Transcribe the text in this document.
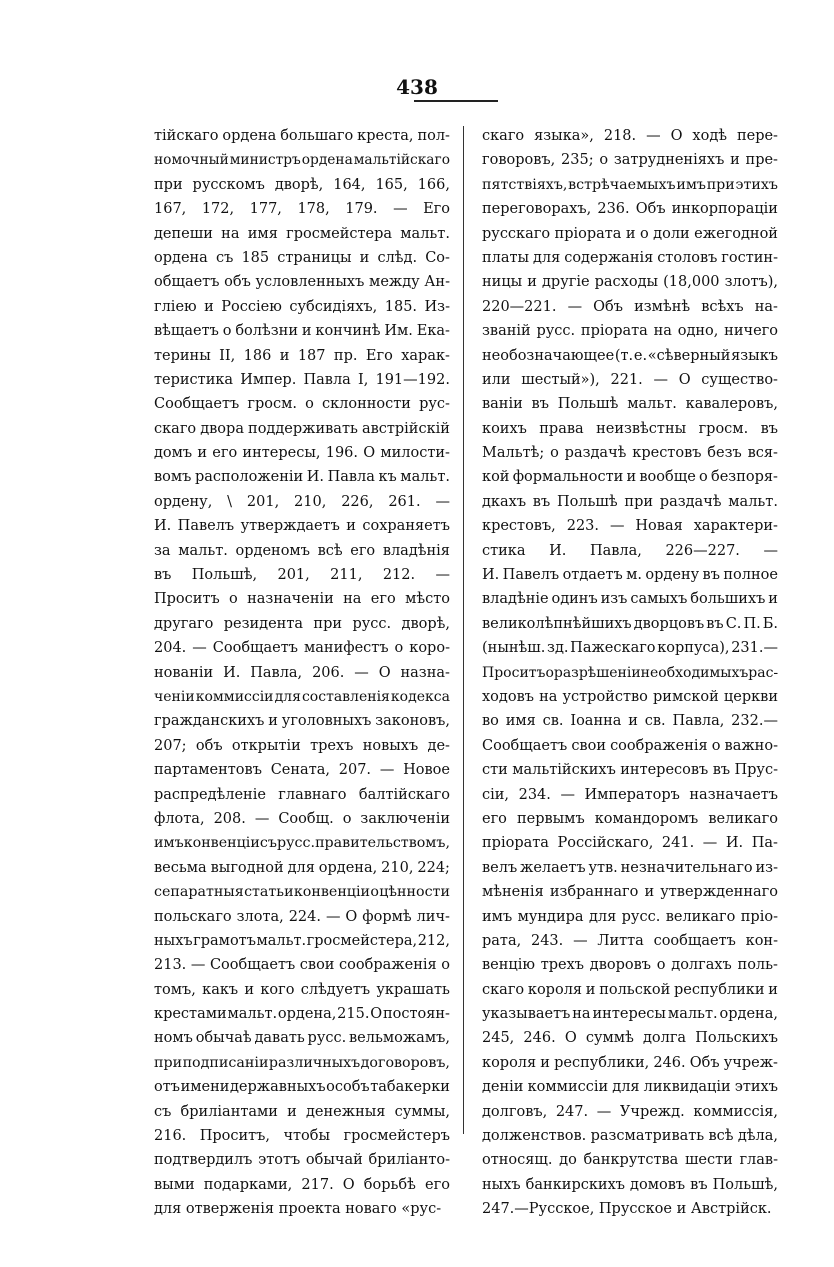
438
тійскаго ордена большаго креста, пол-
номочный министръ ордена мальтійскаго
при русскомъ дворѣ, 164, 165, 166,
167, 172, 177, 178, 179. — Его
депеши на имя гросмейстера мальт.
ордена съ 185 страницы и слѣд. Со-
общаетъ объ условленныхъ между Ан-
гліею и Россіею субсидіяхъ, 185. Из-
вѣщаетъ о болѣзни и кончинѣ Им. Ека-
терины II, 186 и 187 пр. Его харак-
теристика Импер. Павла I, 191—192.
Сообщаетъ гросм. о склонности рус-
скаго двора поддерживать австрійскій
домъ и его интересы, 196. О милости-
вомъ расположеніи И. Павла къ мальт.
ордену, \ 201, 210, 226, 261. —
И. Павелъ утверждаетъ и сохраняетъ
за мальт. орденомъ всѣ его владѣнія
въ Польшѣ, 201, 211, 212. —
Проситъ о назначеніи на его мѣсто
другаго резидента при русс. дворѣ,
204. — Сообщаетъ манифестъ о коро-
нованіи И. Павла, 206. — О назна-
ченіи коммиссіи для составленія кодекса
гражданскихъ и уголовныхъ законовъ,
207; объ открытіи трехъ новыхъ де-
партаментовъ Сената, 207. — Новое
распредѣленіе главнаго балтійскаго
флота, 208. — Сообщ. о заключеніи
имъ конвенціи съ русс. правительствомъ,
весьма выгодной для ордена, 210, 224;
сепаратныя статьи конвенціи о цѣнности
польскаго злота, 224. — О формѣ лич-
ныхъ грамотъ мальт. гросмейстера, 212,
213. — Сообщаетъ свои соображенія о
томъ, какъ и кого слѣдуетъ украшать
крестами мальт. ордена, 215. О постоян-
номъ обычаѣ давать русс. вельможамъ,
при подписаніи различныхъ договоровъ,
отъ имени державныхъ особъ табакерки
съ бриліантами и денежныя суммы,
216. Проситъ, чтобы гросмейстеръ
подтвердилъ этотъ обычай бриліанто-
выми подарками, 217. О борьбѣ его
для отверженія проекта новаго «рус-
скаго языка», 218. — О ходѣ пере-
говоровъ, 235; о затрудненіяхъ и пре-
пятствіяхъ, встрѣчаемыхъ имъ при этихъ
переговорахъ, 236. Объ инкорпораціи
русскаго пріората и о доли ежегодной
платы для содержанія столовъ гостин-
ницы и другіе расходы (18,000 злотъ),
220—221. — Объ измѣнѣ всѣхъ на-
званій русс. пріората на одно, ничего
необозначающее (т. е. «сѣверный языкъ
или шестый»), 221. — О существо-
ваніи въ Польшѣ мальт. кавалеровъ,
коихъ права неизвѣстны гросм. въ
Мальтѣ; о раздачѣ крестовъ безъ вся-
кой формальности и вообще о безпоря-
дкахъ въ Польшѣ при раздачѣ мальт.
крестовъ, 223. — Новая характери-
стика И. Павла, 226—227. —
И. Павелъ отдаетъ м. ордену въ полное
владѣніе одинъ изъ самыхъ большихъ и
великолѣпнѣйшихъ дворцовъ въ С. П. Б.
(нынѣш. зд. Пажескаго корпуса), 231.—
Проситъ о разрѣшеніи необходимыхъ рас-
ходовъ на устройство римской церкви
во имя св. Іоанна и св. Павла, 232.—
Сообщаетъ свои соображенія о важно-
сти мальтійскихъ интересовъ въ Прус-
сіи, 234. — Императоръ назначаетъ
его первымъ командоромъ великаго
пріората Россійскаго, 241. — И. Па-
велъ желаетъ утв. незначительнаго из-
мѣненія избраннаго и утвержденнаго
имъ мундира для русс. великаго пріо-
рата, 243. — Литта сообщаетъ кон-
венцію трехъ дворовъ о долгахъ поль-
скаго короля и польской республики и
указываетъ на интересы мальт. ордена,
245, 246. О суммѣ долга Польскихъ
короля и республики, 246. Объ учреж-
деніи коммиссіи для ликвидаціи этихъ
долговъ, 247. — Учрежд. коммиссія,
долженствов. разсматривать всѣ дѣла,
относящ. до банкрутства шести глав-
ныхъ банкирскихъ домовъ въ Польшѣ,
247.—Русское, Прусское и Австрійск.
